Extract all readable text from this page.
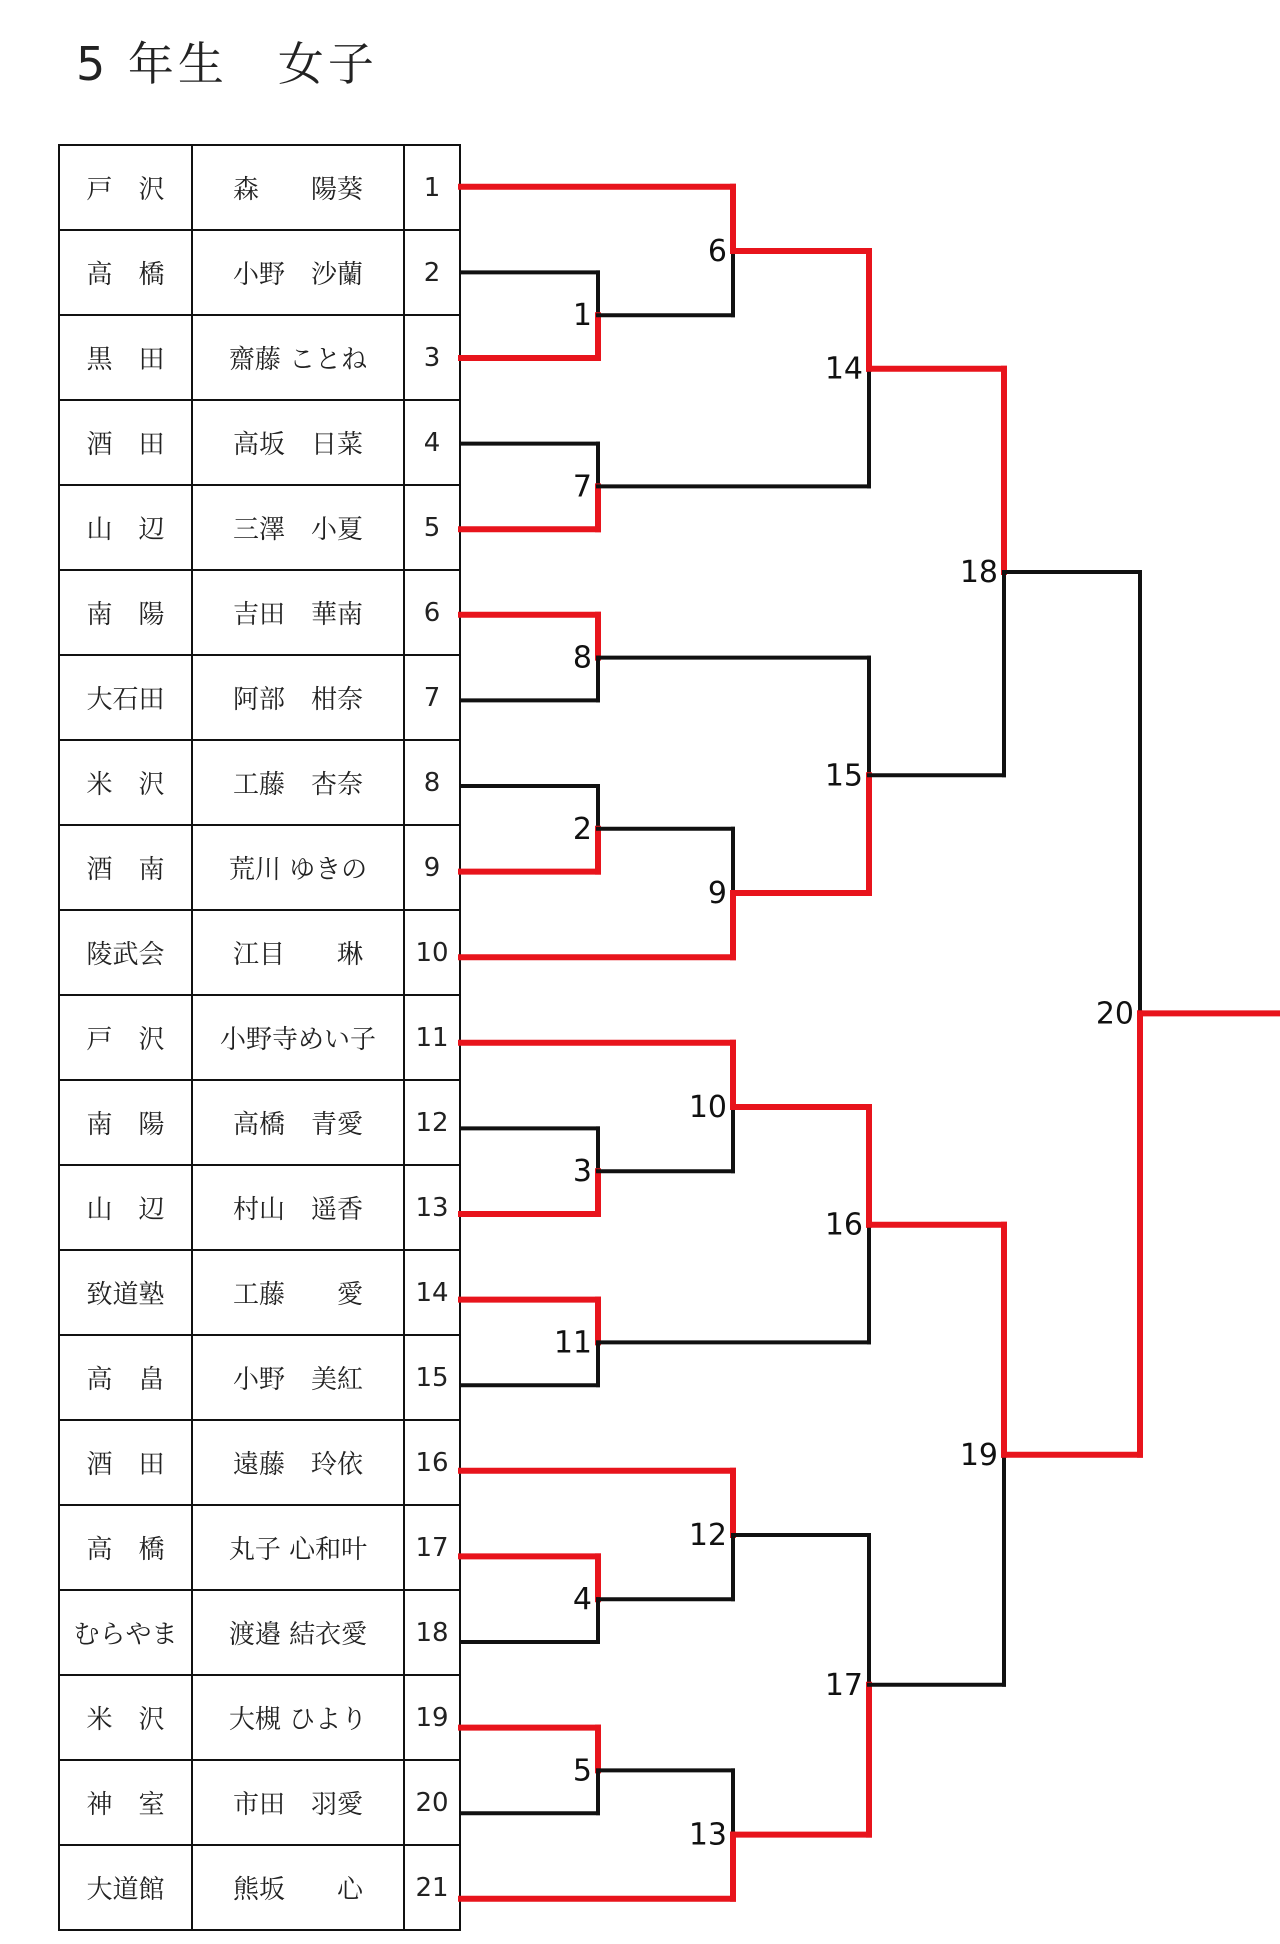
5 年生　女子
戸　沢	森　　陽葵	1
高　橋	小野　沙蘭	2
黒　田	齋藤 ことね	3
酒　田	高坂　日菜	4
山　辺	三澤　小夏	5
南　陽	吉田　華南	6
大石田	阿部　柑奈	7
米　沢	工藤　杏奈	8
酒　南	荒川 ゆきの	9
陵武会	江目　　琳	10
戸　沢	小野寺めい子	11
南　陽	高橋　青愛	12
山　辺	村山　遥香	13
致道塾	工藤　　愛	14
高　畠	小野　美紅	15
酒　田	遠藤　玲依	16
高　橋	丸子 心和叶	17
むらやま	渡邉 結衣愛	18
米　沢	大槻 ひより	19
神　室	市田　羽愛	20
大道館	熊坂　　心	21
1
2
3
4
5
6
7
8
9
10
11
12
13
14
15
16
17
18
19
20
